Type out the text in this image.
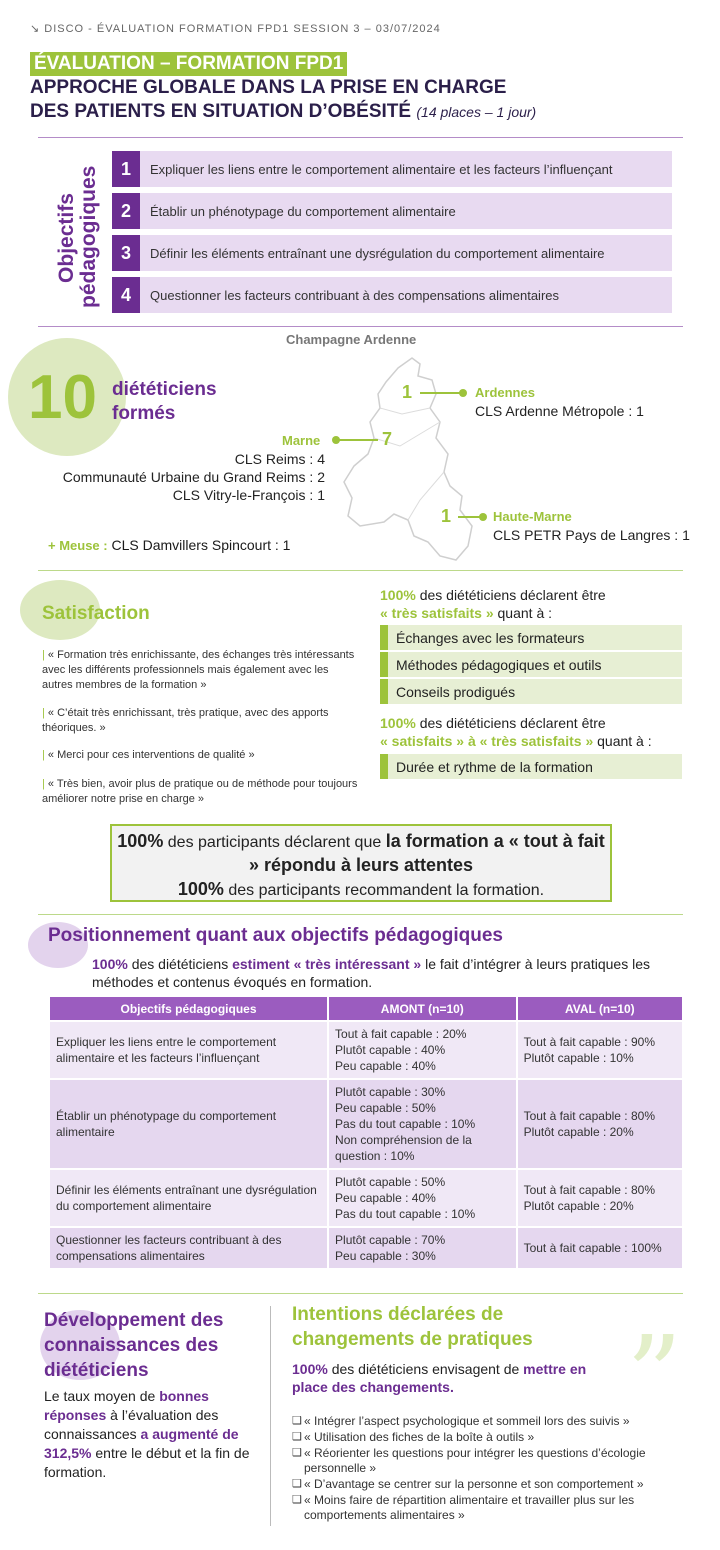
↘ DISCO - ÉVALUATION FORMATION FPD1 SESSION 3 – 03/07/2024
ÉVALUATION – FORMATION FPD1
APPROCHE GLOBALE DANS LA PRISE EN CHARGE
DES PATIENTS EN SITUATION D’OBÉSITÉ (14 places – 1 jour)
Objectifs pédagogiques	1	Expliquer les liens entre le comportement alimentaire et les facteurs l’influençant
2	Établir un phénotypage du comportement alimentaire
3	Définir les éléments entraînant une dysrégulation du comportement alimentaire
4	Questionner les facteurs contribuant à des compensations alimentaires
10 diététiciens formés
Champagne Ardenne
1	Ardennes
CLS Ardenne Métropole : 1
Marne	7
CLS Reims : 4
Communauté Urbaine du Grand Reims : 2
CLS Vitry-le-François : 1
1	Haute-Marne
CLS PETR Pays de Langres : 1
+ Meuse : CLS Damvillers Spincourt : 1
Satisfaction
| « Formation très enrichissante, des échanges très intéressants avec les différents professionnels mais également avec les autres membres de la formation »
| « C’était très enrichissant, très pratique, avec des apports théoriques. »
| « Merci pour ces interventions de qualité »
| « Très bien, avoir plus de pratique ou de méthode pour toujours améliorer notre prise en charge »
100% des diététiciens déclarent être
« très satisfaits » quant à :
Échanges avec les formateurs
Méthodes pédagogiques et outils
Conseils prodigués
100% des diététiciens déclarent être
« satisfaits » à « très satisfaits » quant à :
Durée et rythme de la formation
100% des participants déclarent que la formation a « tout à fait » répondu à leurs attentes
100% des participants recommandent la formation.
Positionnement quant aux objectifs pédagogiques
100% des diététiciens estiment « très intéressant » le fait d’intégrer à leurs pratiques les méthodes et contenus évoqués en formation.
Objectifs pédagogiques	AMONT (n=10)	AVAL (n=10)
Expliquer les liens entre le comportement alimentaire et les facteurs l’influençant	Tout à fait capable : 20%
Plutôt capable : 40%
Peu capable : 40%	Tout à fait capable : 90%
Plutôt capable : 10%
Établir un phénotypage du comportement alimentaire	Plutôt capable : 30%
Peu capable : 50%
Pas du tout capable : 10%
Non compréhension de la question : 10%	Tout à fait capable : 80%
Plutôt capable : 20%
Définir les éléments entraînant une dysrégulation du comportement alimentaire	Plutôt capable : 50%
Peu capable : 40%
Pas du tout capable : 10%	Tout à fait capable : 80%
Plutôt capable : 20%
Questionner les facteurs contribuant à des compensations alimentaires	Plutôt capable : 70%
Peu capable : 30%	Tout à fait capable : 100%
Développement des connaissances des diététiciens
Le taux moyen de bonnes réponses à l’évaluation des connaissances a augmenté de 312,5% entre le début et la fin de formation.
Intentions déclarées de changements de pratiques ”
100% des diététiciens envisagent de mettre en place des changements.
❑ « Intégrer l’aspect psychologique et sommeil lors des suivis »
❑ « Utilisation des fiches de la boîte à outils »
❑ « Réorienter les questions pour intégrer les questions d’écologie personnelle »
❑ « D’avantage se centrer sur la personne et son comportement »
❑ « Moins faire de répartition alimentaire et travailler plus sur les comportements alimentaires »
